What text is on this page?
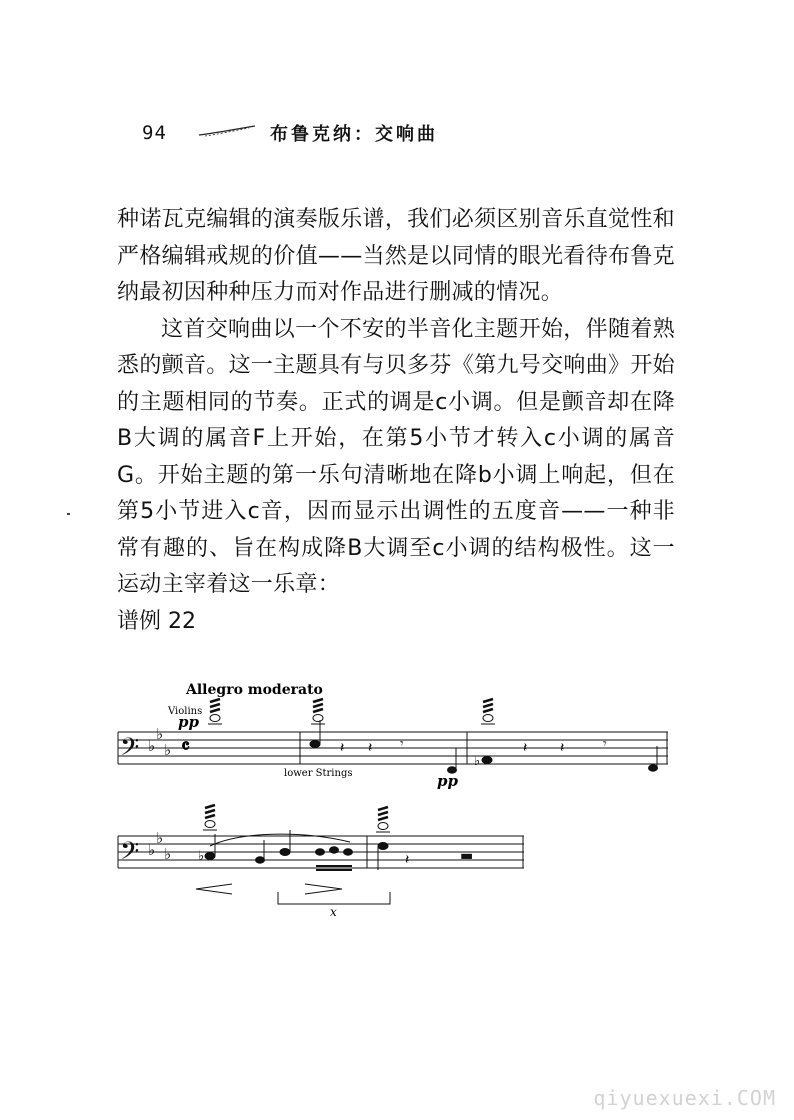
94	布鲁克纳：交响曲

种诺瓦克编辑的演奏版乐谱，我们必须区别音乐直觉性和严格编辑戒规的价值——当然是以同情的眼光看待布鲁克纳最初因种种压力而对作品进行删减的情况。

这首交响曲以一个不安的半音化主题开始，伴随着熟悉的颤音。这一主题具有与贝多芬《第九号交响曲》开始的主题相同的节奏。正式的调是c小调。但是颤音却在降B大调的属音F上开始，在第5小节才转入c小调的属音G。开始主题的第一乐句清晰地在降b小调上响起，但在第5小节进入c音，因而显示出调性的五度音——一种非常有趣的、旨在构成降B大调至c小调的结构极性。这一运动主宰着这一乐章：

谱例 22

𝄢 ♭
♭
♭ 𝄴
Allegro moderato
Violins
pp
𝄽 𝄽 𝄾
♭
𝄽 𝄽	𝄾
lower Strings	pp
𝄢 ♭
♭
♭ ♭	𝄽	▬
x
qiyuexuexi.COM
